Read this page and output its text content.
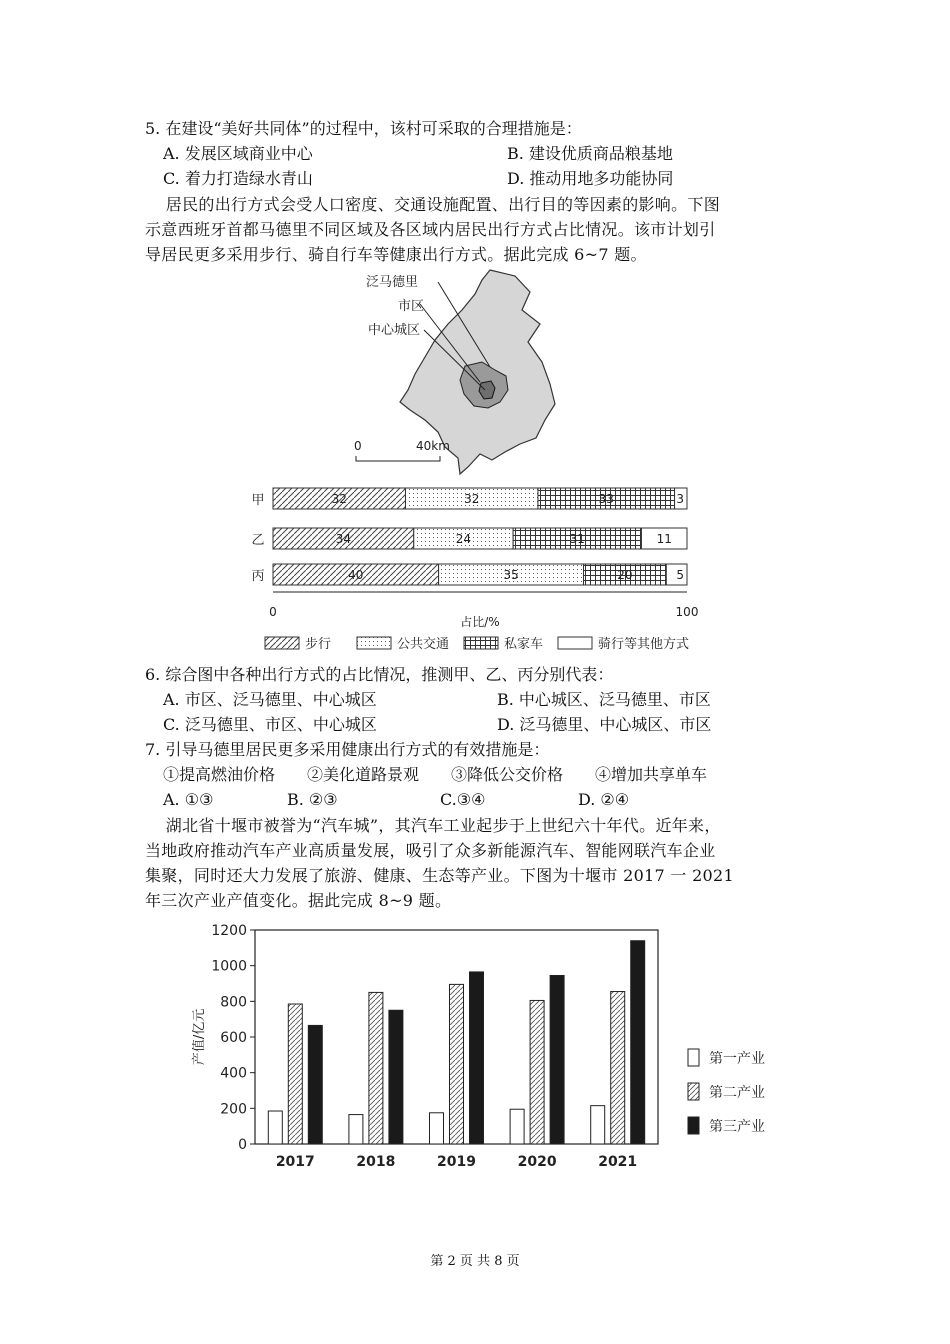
5. 在建设“美好共同体”的过程中，该村可采取的合理措施是：
A. 发展区域商业中心	B. 建设优质商品粮基地
C. 着力打造绿水青山	D. 推动用地多功能协同
居民的出行方式会受人口密度、交通设施配置、出行目的等因素的影响。下图
示意西班牙首都马德里不同区域及各区域内居民出行方式占比情况。该市计划引
导居民更多采用步行、骑自行车等健康出行方式。据此完成 6~7 题。
泛马德里
市区
中心城区
0	40km
甲	32	32	33	3
乙	34	24	31	11
丙	40	35	20	5
0	100
占比/%
步行	公共交通	私家车	骑行等其他方式
6. 综合图中各种出行方式的占比情况，推测甲、乙、丙分别代表：
A. 市区、泛马德里、中心城区	B. 中心城区、泛马德里、市区
C. 泛马德里、市区、中心城区	D. 泛马德里、中心城区、市区
7. 引导马德里居民更多采用健康出行方式的有效措施是：
①提高燃油价格　　②美化道路景观　　③降低公交价格　　④增加共享单车
A. ①③	B. ②③	C.③④	D. ②④
湖北省十堰市被誉为“汽车城”，其汽车工业起步于上世纪六十年代。近年来，
当地政府推动汽车产业高质量发展，吸引了众多新能源汽车、智能网联汽车企业
集聚，同时还大力发展了旅游、健康、生态等产业。下图为十堰市 2017 一 2021
年三次产业产值变化。据此完成 8~9 题。
0
200
400
600
800
1000
1200
2017	2018	2019	2020	2021
产值/亿元	第一产业
第二产业
第三产业
第 2 页 共 8 页
